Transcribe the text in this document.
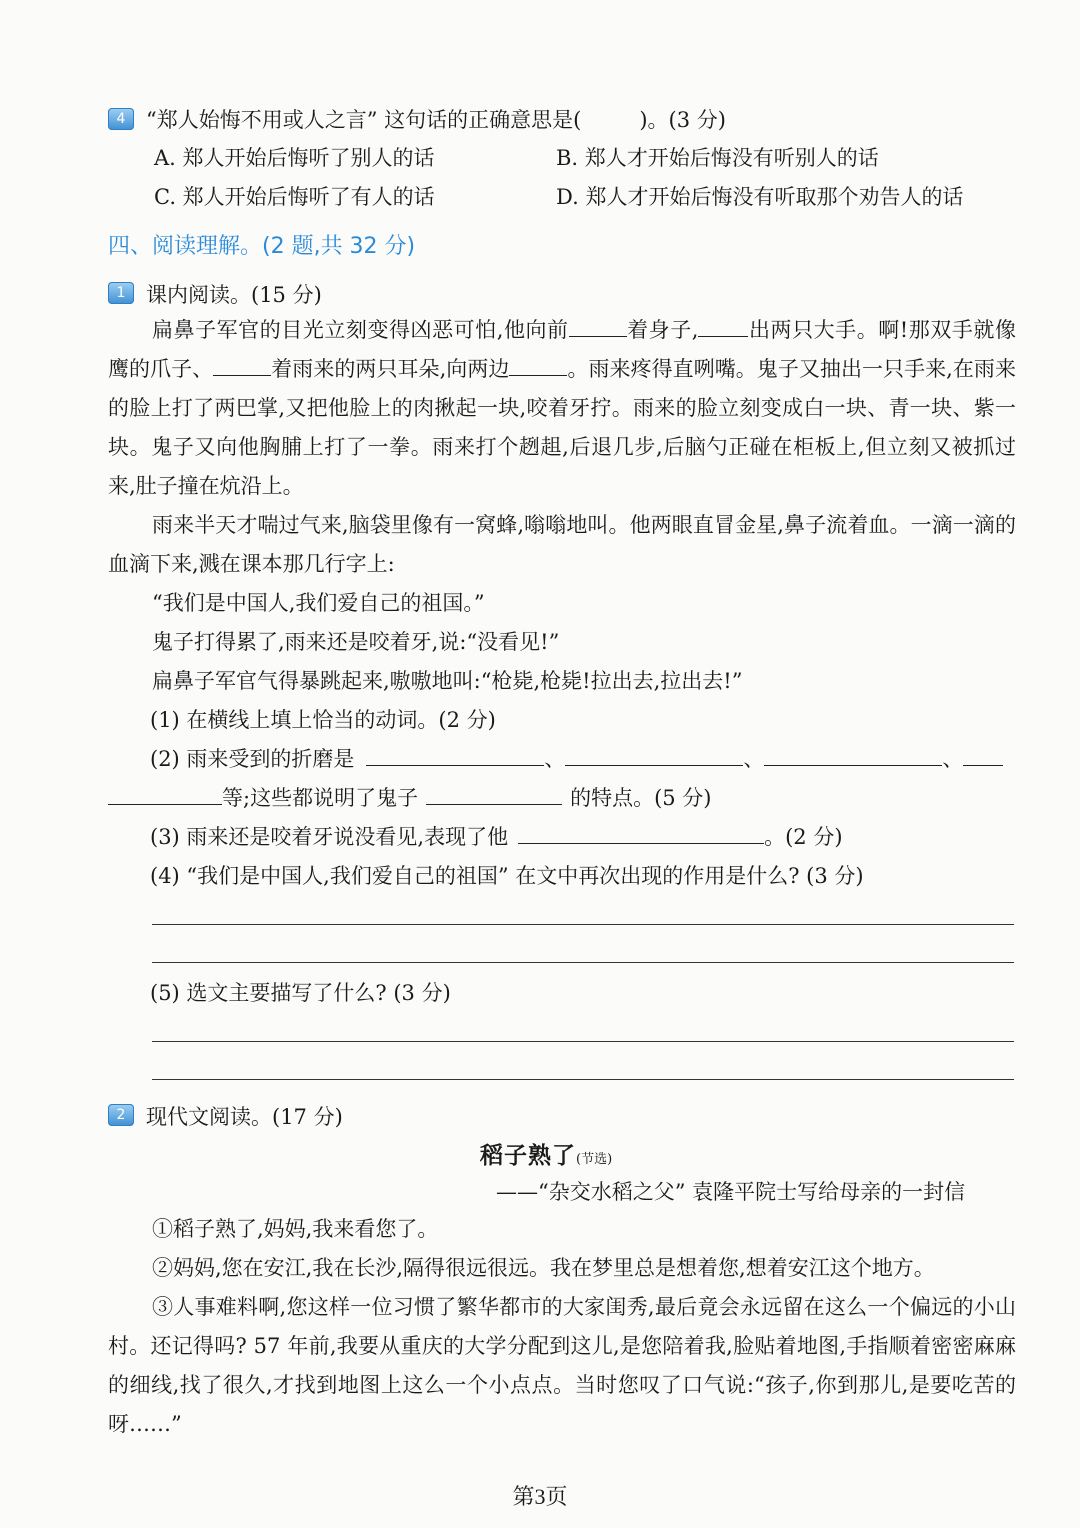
4 “郑人始悔不用或人之言” 这句话的正确意思是(	)。(3 分)
A. 郑人开始后悔听了别人的话	B. 郑人才开始后悔没有听别人的话
C. 郑人开始后悔听了有人的话	D. 郑人才开始后悔没有听取那个劝告人的话
四、阅读理解。(2 题,共 32 分)
1 课内阅读。(15 分)
扁鼻子军官的目光立刻变得凶恶可怕,他向前	着身子, 出两只大手。啊!那双手就像鹰的爪子、	着雨来的两只耳朵,向两边	。雨来疼得直咧嘴。鬼子又抽出一只手来,在雨来的脸上打了两巴掌,又把他脸上的肉揪起一块,咬着牙拧。雨来的脸立刻变成白一块、青一块、紫一块。鬼子又向他胸脯上打了一拳。雨来打个趔趄,后退几步,后脑勺正碰在柜板上,但立刻又被抓过来,肚子撞在炕沿上。
雨来半天才喘过气来,脑袋里像有一窝蜂,嗡嗡地叫。他两眼直冒金星,鼻子流着血。一滴一滴的血滴下来,溅在课本那几行字上:
“我们是中国人,我们爱自己的祖国。”
鬼子打得累了,雨来还是咬着牙,说:“没看见!”
扁鼻子军官气得暴跳起来,嗷嗷地叫:“枪毙,枪毙!拉出去,拉出去!”
(1) 在横线上填上恰当的动词。(2 分)
(2) 雨来受到的折磨是	、	、	、
等;这些都说明了鬼子	的特点。(5 分)
(3) 雨来还是咬着牙说没看见,表现了他	。(2 分)
(4) “我们是中国人,我们爱自己的祖国” 在文中再次出现的作用是什么? (3 分)
(5) 选文主要描写了什么? (3 分)
2 现代文阅读。(17 分)
稻子熟了(节选)
——“杂交水稻之父” 袁隆平院士写给母亲的一封信
①稻子熟了,妈妈,我来看您了。
②妈妈,您在安江,我在长沙,隔得很远很远。我在梦里总是想着您,想着安江这个地方。
③人事难料啊,您这样一位习惯了繁华都市的大家闺秀,最后竟会永远留在这么一个偏远的小山村。还记得吗? 57 年前,我要从重庆的大学分配到这儿,是您陪着我,脸贴着地图,手指顺着密密麻麻的细线,找了很久,才找到地图上这么一个小点点。当时您叹了口气说:“孩子,你到那儿,是要吃苦的呀……”
第3页
